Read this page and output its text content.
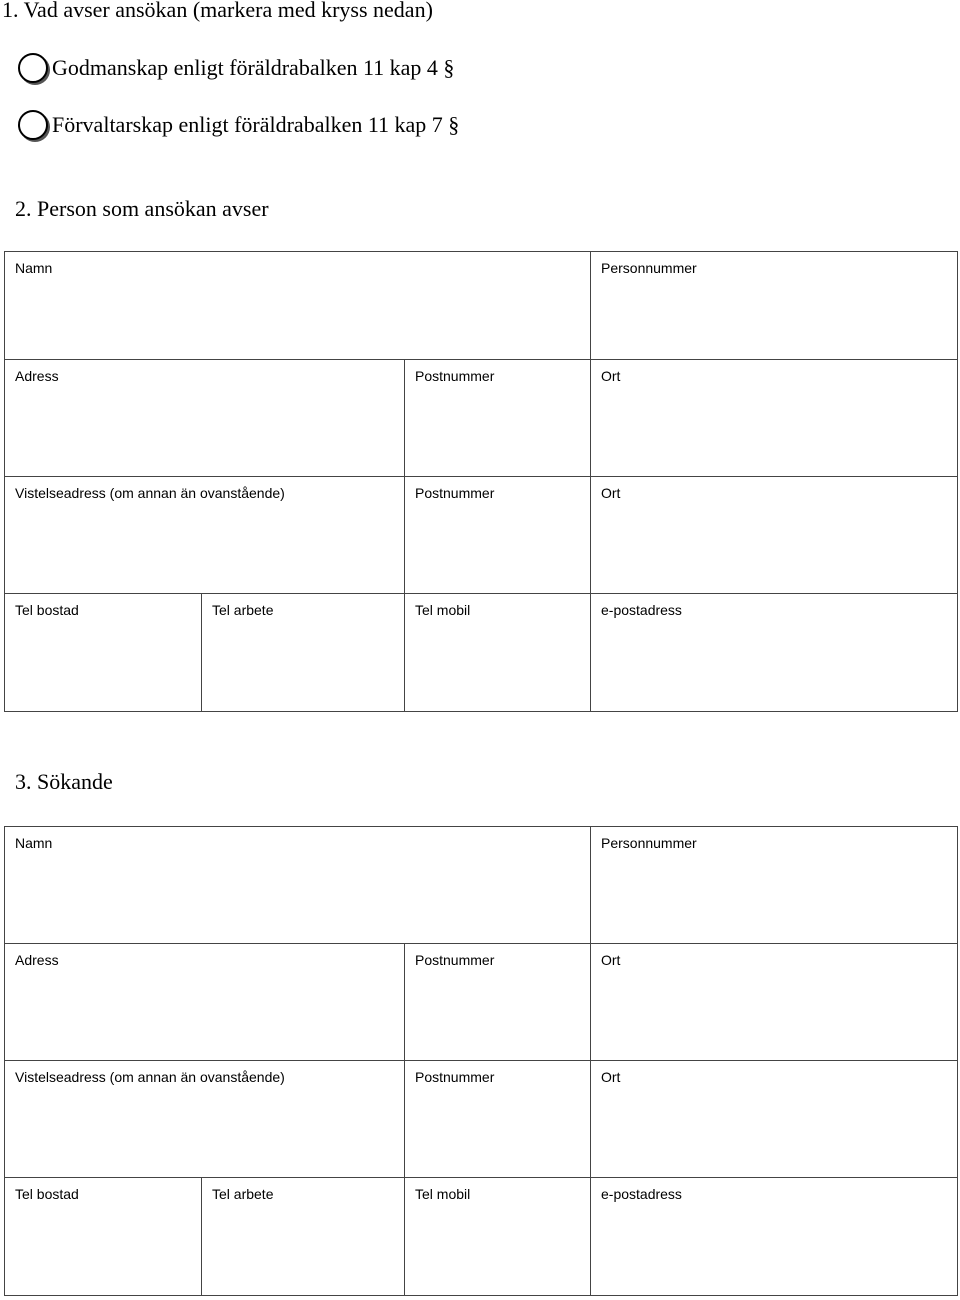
1. Vad avser ansökan (markera med kryss nedan)
Godmanskap enligt föräldrabalken 11 kap 4 §
Förvaltarskap enligt föräldrabalken 11 kap 7 §
2. Person som ansökan avser
Namn			Personnummer

Adress		Postnummer	Ort

Vistelseadress (om annan än ovanstående)		Postnummer	Ort

Tel bostad	Tel arbete	Tel mobil	e-postadress
3. Sökande
Namn			Personnummer

Adress		Postnummer	Ort

Vistelseadress (om annan än ovanstående)		Postnummer	Ort

Tel bostad	Tel arbete	Tel mobil	e-postadress
